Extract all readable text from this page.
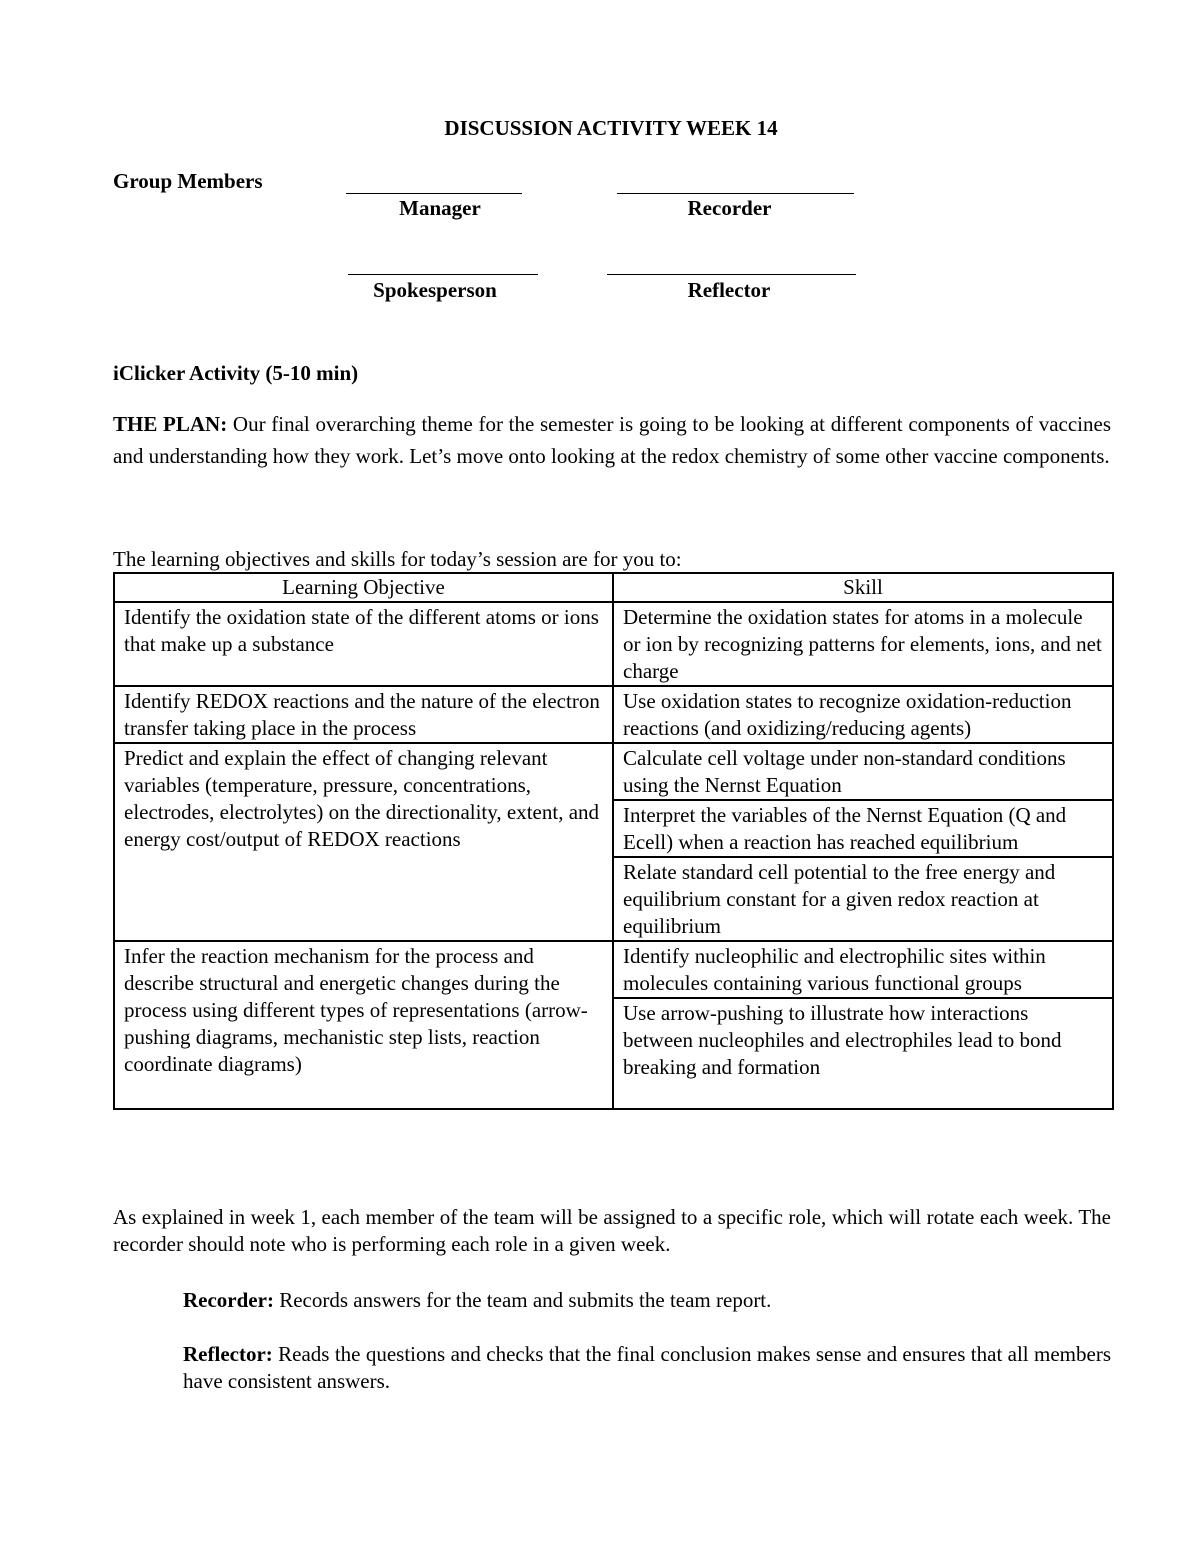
DISCUSSION ACTIVITY WEEK 14
Group Members
Manager	Recorder
Spokesperson	Reflector
iClicker Activity (5-10 min)
THE PLAN: Our final overarching theme for the semester is going to be looking at different components of vaccines and understanding how they work. Let’s move onto looking at the redox chemistry of some other vaccine components.
The learning objectives and skills for today’s session are for you to:
Learning Objective	Skill
Identify the oxidation state of the different atoms or ions that make up a substance	Determine the oxidation states for atoms in a molecule or ion by recognizing patterns for elements, ions, and net charge
Identify REDOX reactions and the nature of the electron transfer taking place in the process	Use oxidation states to recognize oxidation-reduction reactions (and oxidizing/reducing agents)
Predict and explain the effect of changing relevant variables (temperature, pressure, concentrations, electrodes, electrolytes) on the directionality, extent, and energy cost/output of REDOX reactions	Calculate cell voltage under non-standard conditions using the Nernst Equation
	Interpret the variables of the Nernst Equation (Q and Ecell) when a reaction has reached equilibrium
	Relate standard cell potential to the free energy and equilibrium constant for a given redox reaction at equilibrium
Infer the reaction mechanism for the process and describe structural and energetic changes during the process using different types of representations (arrow-pushing diagrams, mechanistic step lists, reaction coordinate diagrams)	Identify nucleophilic and electrophilic sites within molecules containing various functional groups
	Use arrow-pushing to illustrate how interactions between nucleophiles and electrophiles lead to bond breaking and formation
As explained in week 1, each member of the team will be assigned to a specific role, which will rotate each week. The recorder should note who is performing each role in a given week.
Recorder: Records answers for the team and submits the team report.
Reflector: Reads the questions and checks that the final conclusion makes sense and ensures that all members have consistent answers.
